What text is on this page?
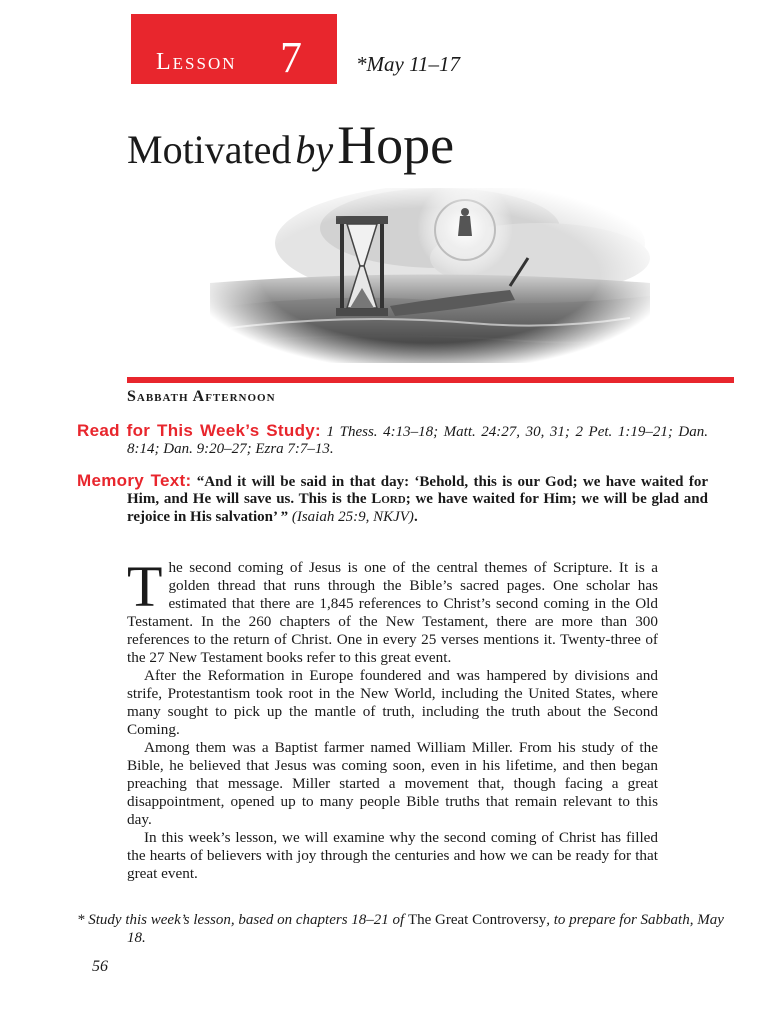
Lesson 7	*May 11–17
Motivated by Hope
Sabbath Afternoon
Read for This Week’s Study: 1 Thess. 4:13–18; Matt. 24:27, 30, 31; 2 Pet. 1:19–21; Dan. 8:14; Dan. 9:20–27; Ezra 7:7–13.
Memory Text: “And it will be said in that day: ‘Behold, this is our God; we have waited for Him, and He will save us. This is the Lord; we have waited for Him; we will be glad and rejoice in His salvation’ ” (Isaiah 25:9, NKJV).

The second coming of Jesus is one of the central themes of Scripture. It is a golden thread that runs through the Bible’s sacred pages. One scholar has estimated that there are 1,845 references to Christ’s second coming in the Old Testament. In the 260 chapters of the New Testament, there are more than 300 references to the return of Christ. One in every 25 verses mentions it. Twenty-three of the 27 New Testament books refer to this great event.

After the Reformation in Europe foundered and was hampered by divisions and strife, Protestantism took root in the New World, including the United States, where many sought to pick up the mantle of truth, including the truth about the Second Coming.

Among them was a Baptist farmer named William Miller. From his study of the Bible, he believed that Jesus was coming soon, even in his lifetime, and then began preaching that message. Miller started a movement that, though facing a great disappointment, opened up to many people Bible truths that remain relevant to this day.

In this week’s lesson, we will examine why the second coming of Christ has filled the hearts of believers with joy through the centuries and how we can be ready for that great event.

* Study this week’s lesson, based on chapters 18–21 of The Great Controversy, to prepare for Sabbath, May 18.
56
